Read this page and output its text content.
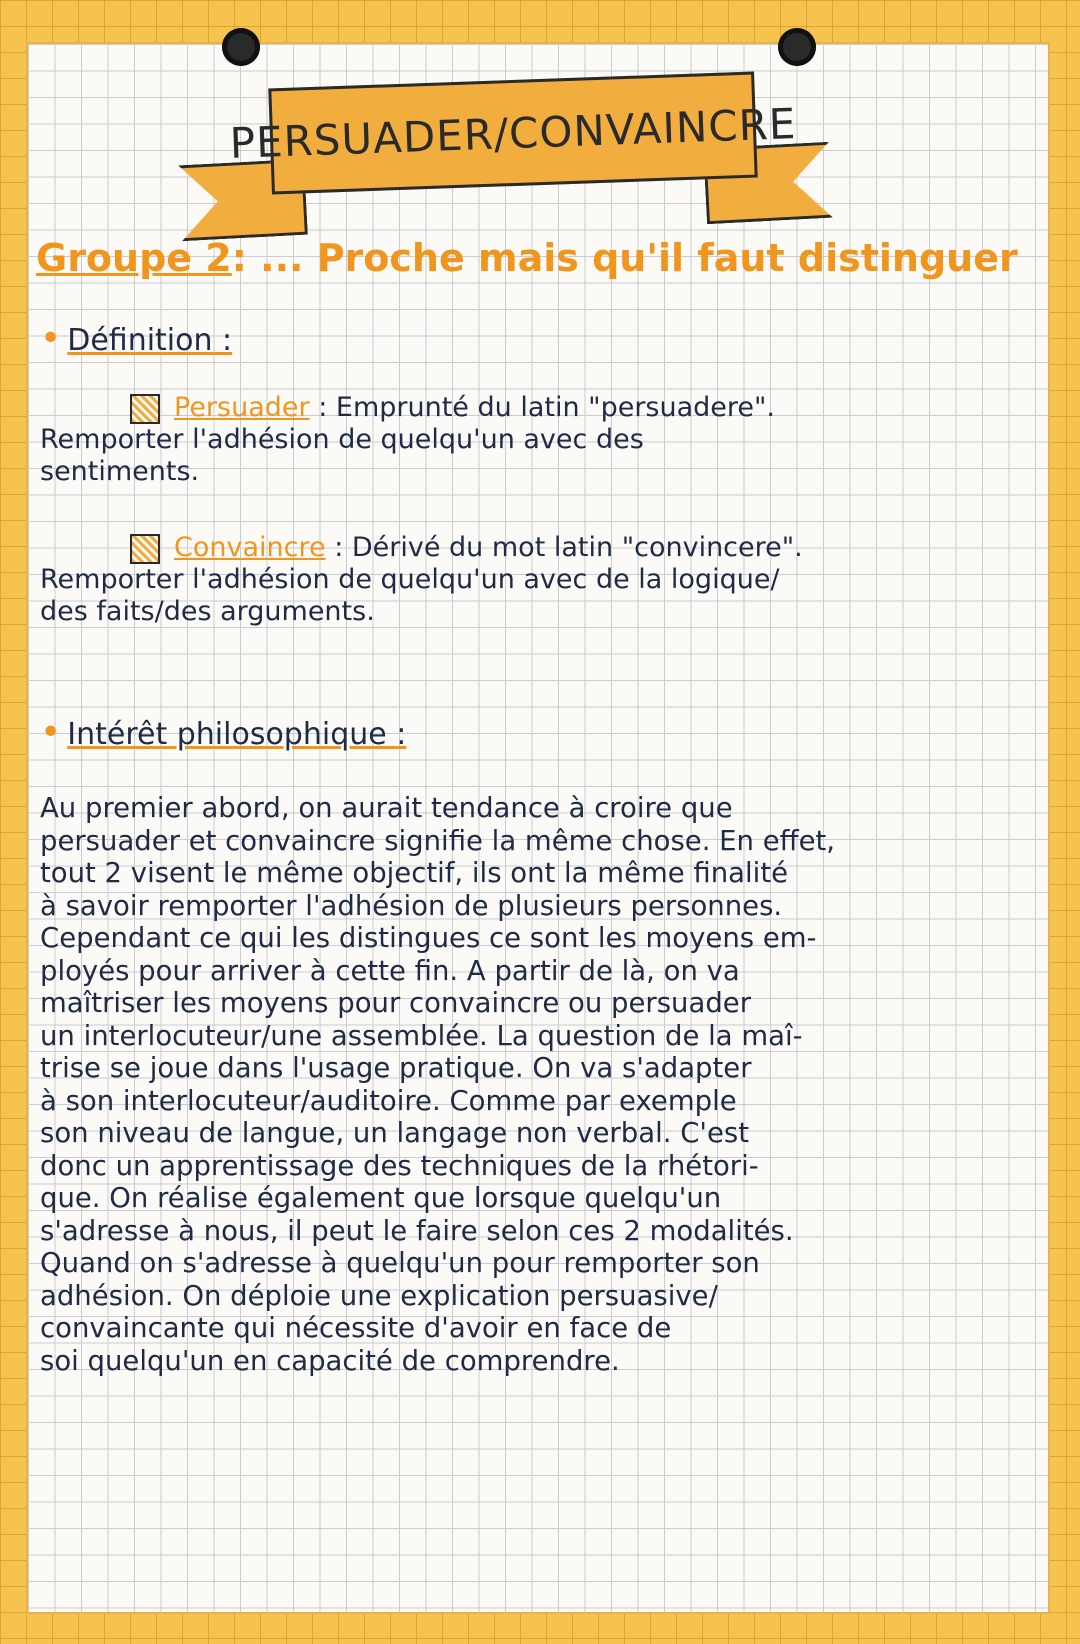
PERSUADER/CONVAINCRE
Groupe 2: ... Proche mais qu'il faut distinguer
• Définition :
Persuader : Emprunté du latin "persuadere".
Remporter l'adhésion de quelqu'un avec des
sentiments.
Convaincre : Dérivé du mot latin "convincere".
Remporter l'adhésion de quelqu'un avec de la logique/
des faits/des arguments.
• Intérêt philosophique :
Au premier abord, on aurait tendance à croire que
persuader et convaincre signifie la même chose. En effet,
tout 2 visent le même objectif, ils ont la même finalité
à savoir remporter l'adhésion de plusieurs personnes.
Cependant ce qui les distingues ce sont les moyens em-
ployés pour arriver à cette fin. A partir de là, on va
maîtriser les moyens pour convaincre ou persuader
un interlocuteur/une assemblée. La question de la maî-
trise se joue dans l'usage pratique. On va s'adapter
à son interlocuteur/auditoire. Comme par exemple
son niveau de langue, un langage non verbal. C'est
donc un apprentissage des techniques de la rhétori-
que. On réalise également que lorsque quelqu'un
s'adresse à nous, il peut le faire selon ces 2 modalités.
Quand on s'adresse à quelqu'un pour remporter son
adhésion. On déploie une explication persuasive/
convaincante qui nécessite d'avoir en face de
soi quelqu'un en capacité de comprendre.
